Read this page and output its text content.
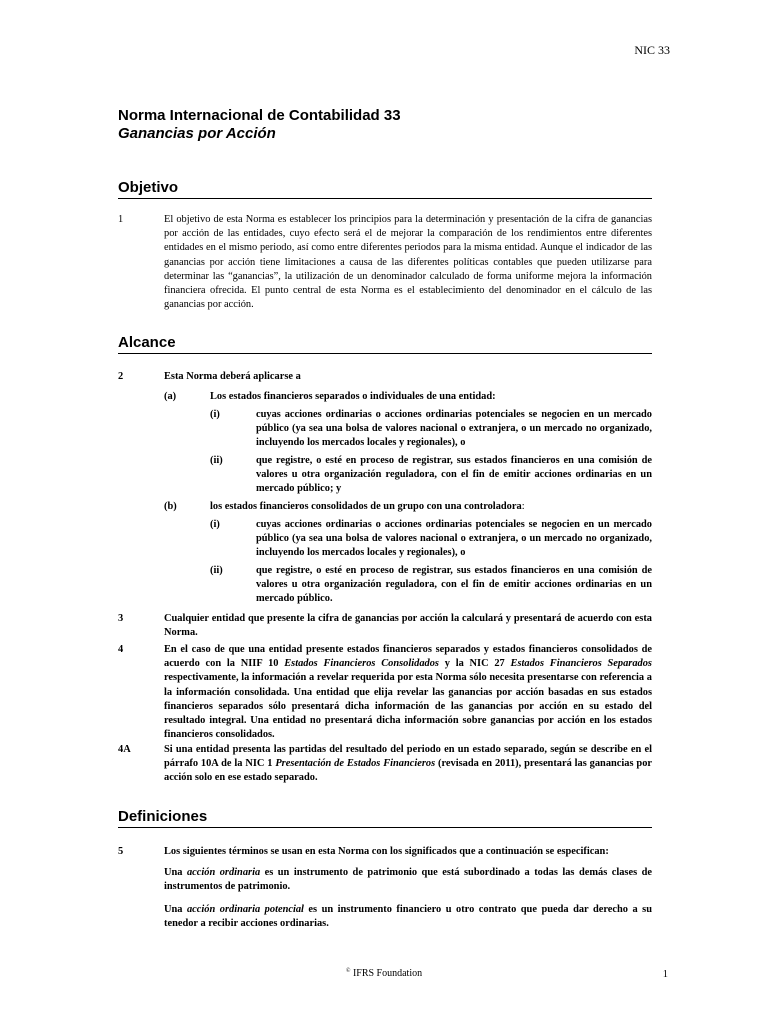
NIC 33
Norma Internacional de Contabilidad 33
Ganancias por Acción
Objetivo
1	El objetivo de esta Norma es establecer los principios para la determinación y presentación de la cifra de ganancias por acción de las entidades, cuyo efecto será el de mejorar la comparación de los rendimientos entre diferentes entidades en el mismo periodo, así como entre diferentes periodos para la misma entidad. Aunque el indicador de las ganancias por acción tiene limitaciones a causa de las diferentes políticas contables que pueden utilizarse para determinar las “ganancias”, la utilización de un denominador calculado de forma uniforme mejora la información financiera ofrecida. El punto central de esta Norma es el establecimiento del denominador en el cálculo de las ganancias por acción.
Alcance
2	Esta Norma deberá aplicarse a
(a)	Los estados financieros separados o individuales de una entidad:
(i)	cuyas acciones ordinarias o acciones ordinarias potenciales se negocien en un mercado público (ya sea una bolsa de valores nacional o extranjera, o un mercado no organizado, incluyendo los mercados locales y regionales), o
(ii)	que registre, o esté en proceso de registrar, sus estados financieros en una comisión de valores u otra organización reguladora, con el fin de emitir acciones ordinarias en un mercado público; y
(b)	los estados financieros consolidados de un grupo con una controladora:
(i)	cuyas acciones ordinarias o acciones ordinarias potenciales se negocien en un mercado público (ya sea una bolsa de valores nacional o extranjera, o un mercado no organizado, incluyendo los mercados locales y regionales), o
(ii)	que registre, o esté en proceso de registrar, sus estados financieros en una comisión de valores u otra organización reguladora, con el fin de emitir acciones ordinarias en un mercado público.
3	Cualquier entidad que presente la cifra de ganancias por acción la calculará y presentará de acuerdo con esta Norma.
4	En el caso de que una entidad presente estados financieros separados y estados financieros consolidados de acuerdo con la NIIF 10 Estados Financieros Consolidados y la NIC 27 Estados Financieros Separados respectivamente, la información a revelar requerida por esta Norma sólo necesita presentarse con referencia a la información consolidada. Una entidad que elija revelar las ganancias por acción basadas en sus estados financieros separados sólo presentará dicha información de las ganancias por acción en su estado del resultado integral. Una entidad no presentará dicha información sobre ganancias por acción en los estados financieros consolidados.
4A	Si una entidad presenta las partidas del resultado del periodo en un estado separado, según se describe en el párrafo 10A de la NIC 1 Presentación de Estados Financieros (revisada en 2011), presentará las ganancias por acción solo en ese estado separado.
Definiciones
5	Los siguientes términos se usan en esta Norma con los significados que a continuación se especifican:
Una acción ordinaria es un instrumento de patrimonio que está subordinado a todas las demás clases de instrumentos de patrimonio.
Una acción ordinaria potencial es un instrumento financiero u otro contrato que pueda dar derecho a su tenedor a recibir acciones ordinarias.
© IFRS Foundation	1
